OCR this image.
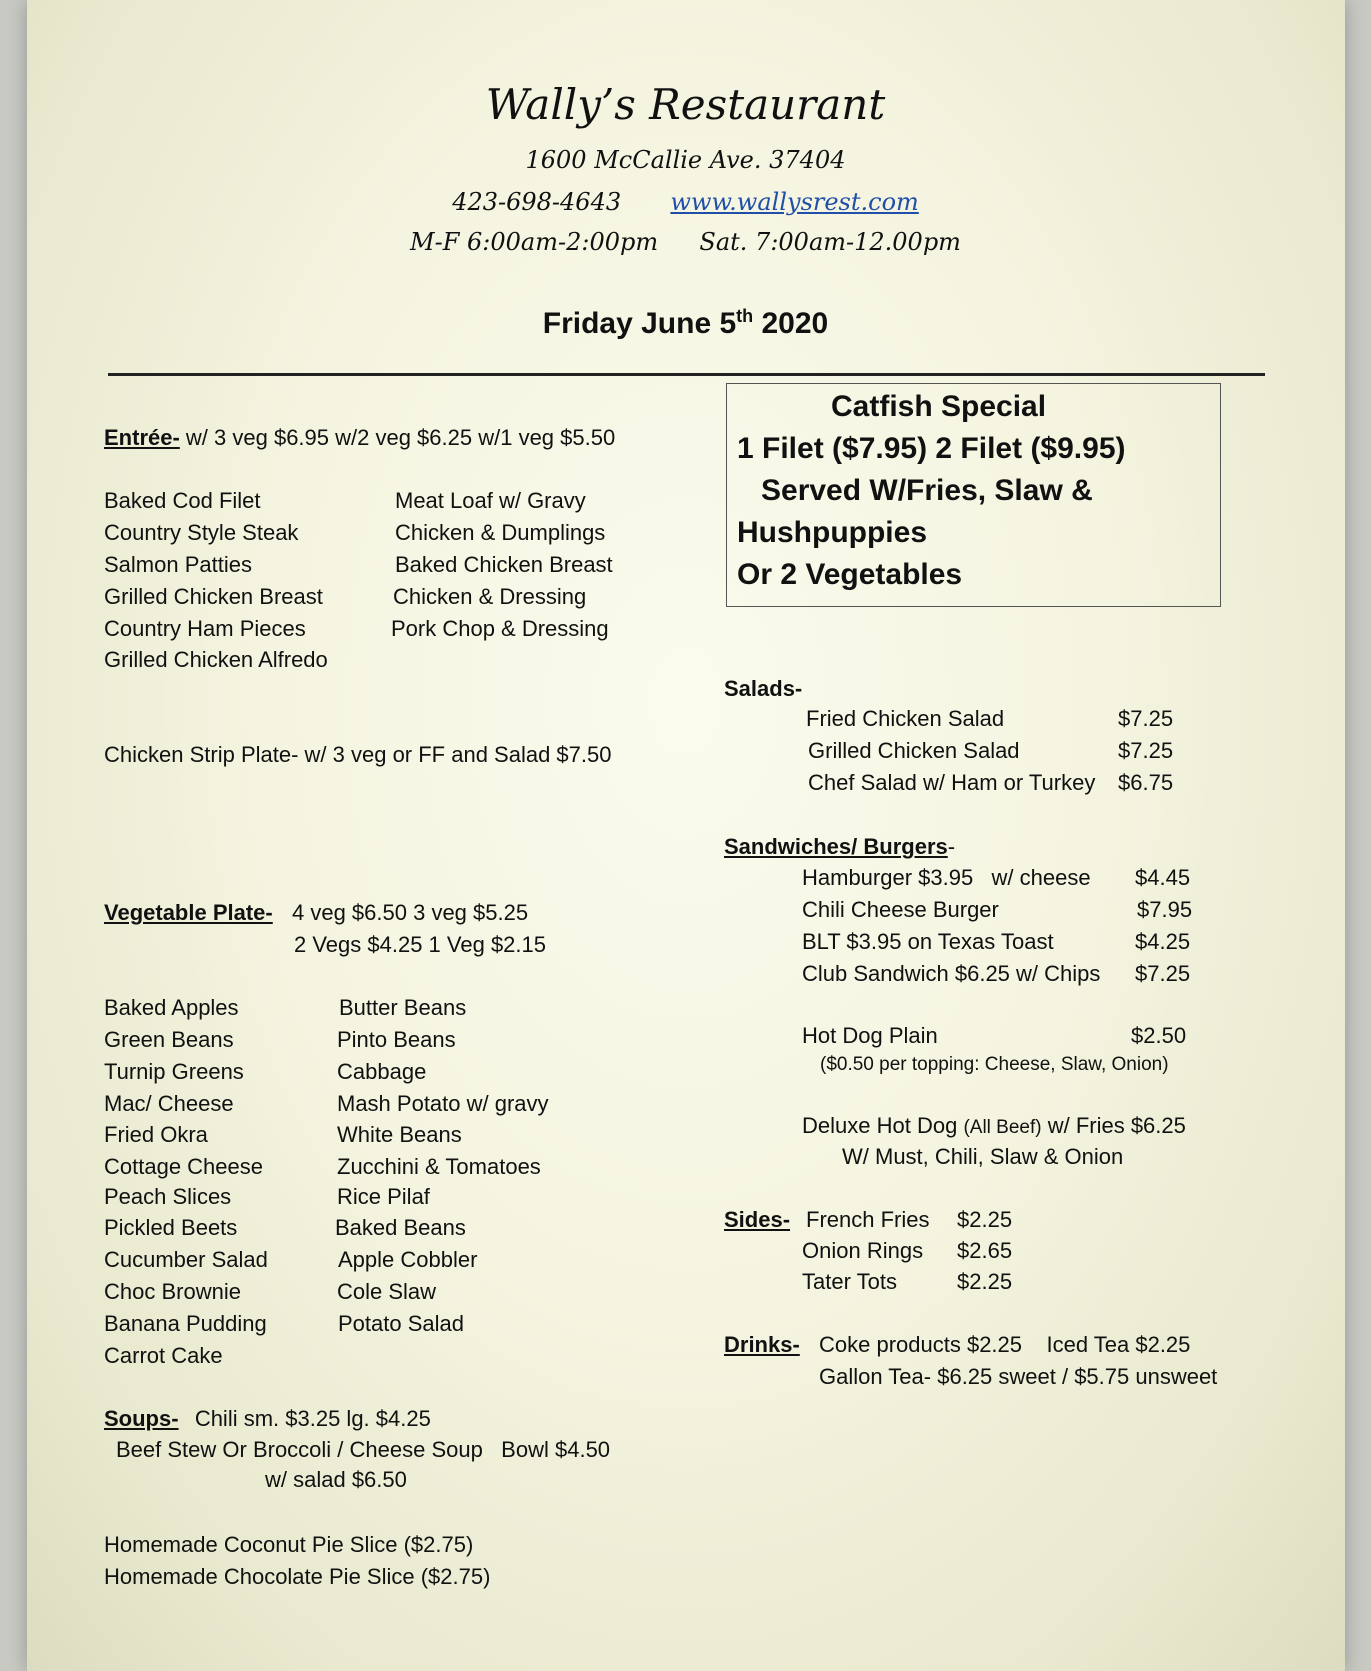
Wally’s Restaurant
1600 McCallie Ave. 37404
423-698-4643 www.wallysrest.com
M-F 6:00am-2:00pm Sat. 7:00am-12.00pm
Friday June 5th 2020
Entrée- w/ 3 veg $6.95 w/2 veg $6.25 w/1 veg $5.50
Baked Cod Filet
Country Style Steak
Salmon Patties
Grilled Chicken Breast
Country Ham Pieces
Grilled Chicken Alfredo
Meat Loaf w/ Gravy
Chicken & Dumplings
Baked Chicken Breast
Chicken & Dressing
Pork Chop & Dressing
Chicken Strip Plate- w/ 3 veg or FF and Salad $7.50
Vegetable Plate- 4 veg $6.50 3 veg $5.25
2 Vegs $4.25 1 Veg $2.15
Baked Apples
Green Beans
Turnip Greens
Mac/ Cheese
Fried Okra
Cottage Cheese
Peach Slices
Pickled Beets
Cucumber Salad
Choc Brownie
Banana Pudding
Carrot Cake
Butter Beans
Pinto Beans
Cabbage
Mash Potato w/ gravy
White Beans
Zucchini & Tomatoes
Rice Pilaf
Baked Beans
Apple Cobbler
Cole Slaw
Potato Salad
Soups- Chili sm. $3.25 lg. $4.25
Beef Stew Or Broccoli / Cheese Soup   Bowl $4.50
w/ salad $6.50
Homemade Coconut Pie Slice ($2.75)
Homemade Chocolate Pie Slice ($2.75)
Catfish Special
1 Filet ($7.95) 2 Filet ($9.95)
Served W/Fries, Slaw &
Hushpuppies
Or 2 Vegetables
Salads-
Fried Chicken Salad	$7.25
Grilled Chicken Salad	$7.25
Chef Salad w/ Ham or Turkey $6.75
Sandwiches/ Burgers-
Hamburger $3.95   w/ cheese $4.45
Chili Cheese Burger	$7.95
BLT $3.95 on Texas Toast	$4.25
Club Sandwich $6.25 w/ Chips $7.25
Hot Dog Plain	$2.50
($0.50 per topping: Cheese, Slaw, Onion)
Deluxe Hot Dog (All Beef) w/ Fries $6.25
W/ Must, Chili, Slaw & Onion
Sides- French Fries $2.25
Onion Rings $2.65
Tater Tots	$2.25
Drinks- Coke products $2.25    Iced Tea $2.25
Gallon Tea- $6.25 sweet / $5.75 unsweet
